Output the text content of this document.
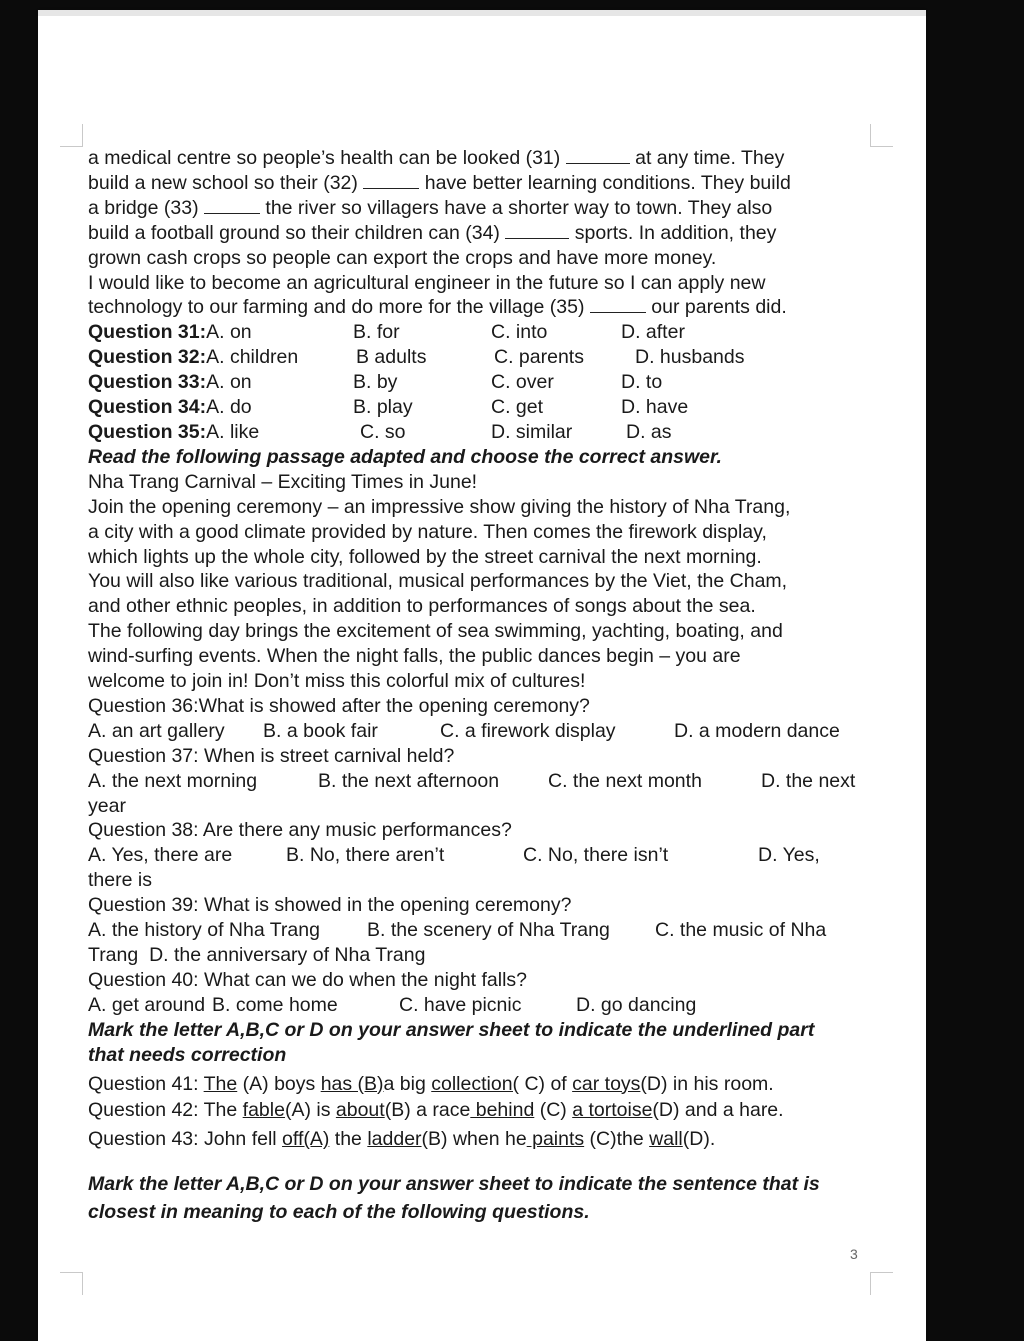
a medical centre so people’s health can be looked (31)	at any time. They

build a new school so their (32)	have better learning conditions. They build

a bridge (33)	the river so villagers have a shorter way to town. They also

build a football ground so their children can (34)	sports. In addition, they

grown cash crops so people can export the crops and have more money.

I would like to become an agricultural engineer in the future so I can apply new

technology to our farming and do more for the village (35)	our parents did.

Question 31:A. on	B. for	C. into	D. after
Question 32:A. children	B adults	C. parents	D. husbands
Question 33:A. on	B. by	C. over	D. to
Question 34:A. do	B. play	C. get	D. have
Question 35:A. like	C. so	D. similar	D. as

Read the following passage adapted and choose the correct answer.

Nha Trang Carnival – Exciting Times in June!

Join the opening ceremony – an impressive show giving the history of Nha Trang,

a city with a good climate provided by nature. Then comes the firework display,

which lights up the whole city, followed by the street carnival the next morning.

You will also like various traditional, musical performances by the Viet, the Cham,

and other ethnic peoples, in addition to performances of songs about the sea.

The following day brings the excitement of sea swimming, yachting, boating, and

wind-surfing events. When the night falls, the public dances begin – you are

welcome to join in! Don’t miss this colorful mix of cultures!

Question 36:What is showed after the opening ceremony?

A. an art gallery	B. a book fair	C. a firework display	D. a modern dance

Question 37: When is street carnival held?

A. the next morning	B. the next afternoon	C. the next month	D. the next

year

Question 38: Are there any music performances?

A. Yes, there are	B. No, there aren’t	C. No, there isn’t	D. Yes,

there is

Question 39: What is showed in the opening ceremony?

A. the history of Nha Trang	B. the scenery of Nha Trang	C. the music of Nha

Trang D. the anniversary of Nha Trang

Question 40: What can we do when the night falls?

A. get around B. come home	C. have picnic	D. go dancing

Mark the letter A,B,C or D on your answer sheet to indicate the underlined part
that needs correction

Question 41: The (A) boys has (B)a big collection( C) of car toys(D) in his room.

Question 42: The fable(A) is about(B) a race behind (C) a tortoise(D) and a hare.

Question 43: John fell off(A) the ladder(B) when he paints (C)the wall(D).

Mark the letter A,B,C or D on your answer sheet to indicate the sentence that is
closest in meaning to each of the following questions.

3
